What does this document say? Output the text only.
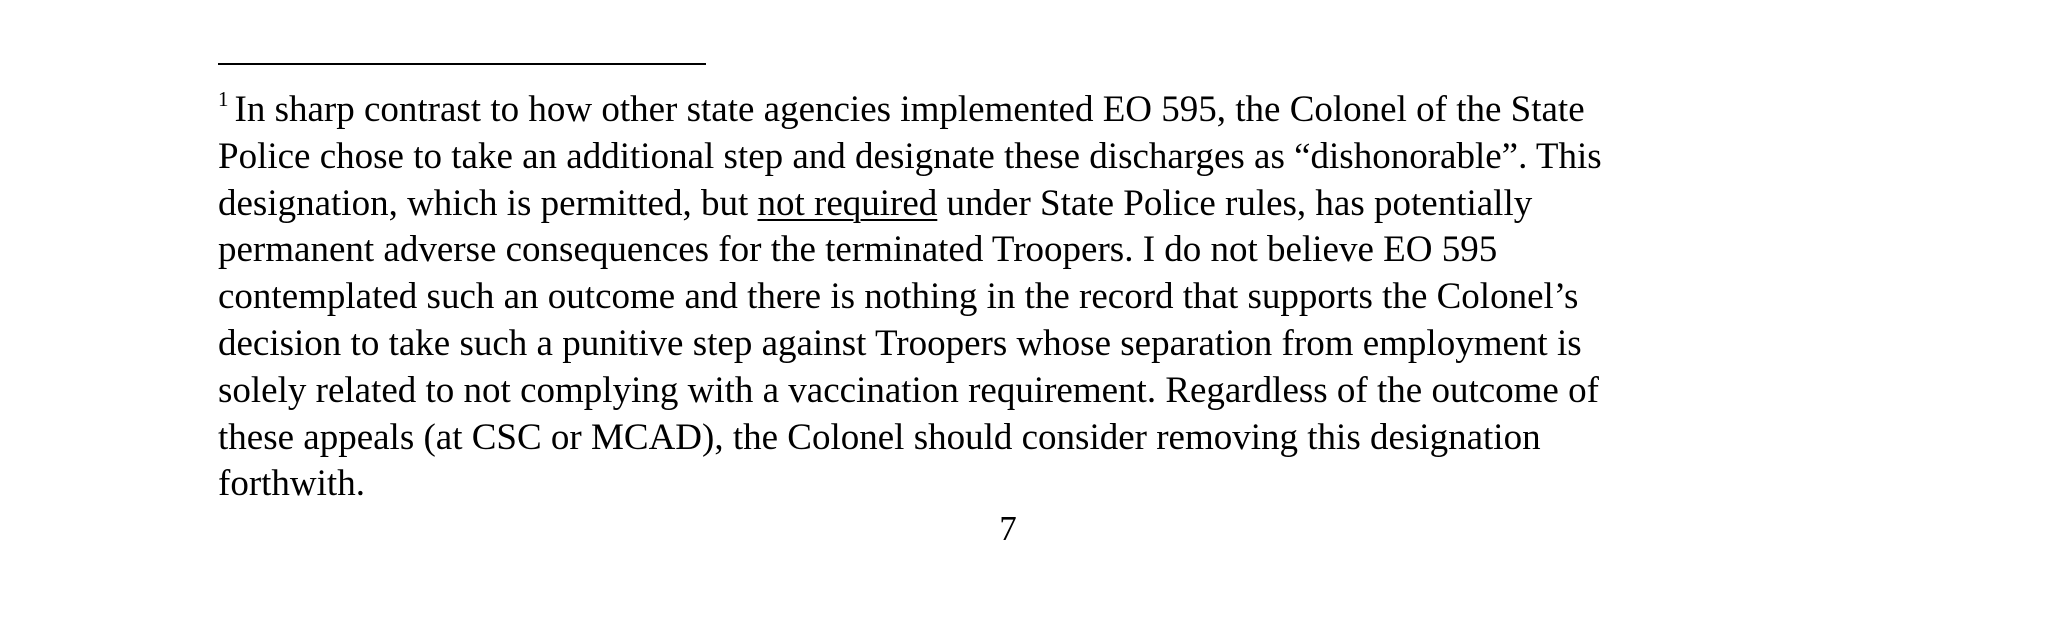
$^1$ In sharp contrast to how other state agencies implemented EO 595, the Colonel of the State
Police chose to take an additional step and designate these discharges as “dishonorable”. This
designation, which is permitted, but not required under State Police rules, has potentially
permanent adverse consequences for the terminated Troopers. I do not believe EO 595
contemplated such an outcome and there is nothing in the record that supports the Colonel’s
decision to take such a punitive step against Troopers whose separation from employment is
solely related to not complying with a vaccination requirement. Regardless of the outcome of
these appeals (at CSC or MCAD), the Colonel should consider removing this designation
forthwith.
7
